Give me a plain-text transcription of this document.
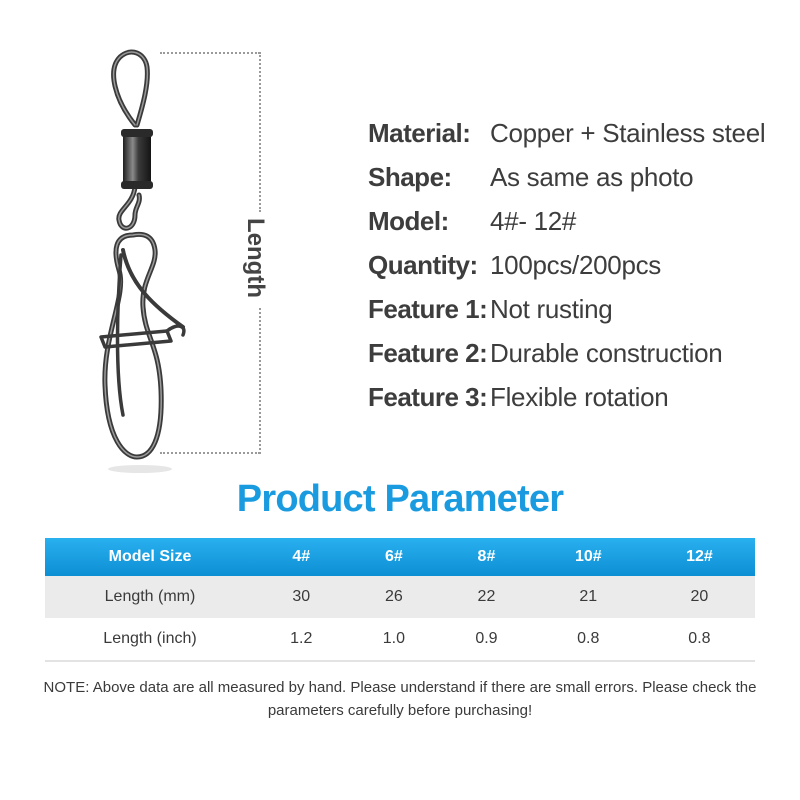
Length
Material: Copper + Stainless steel
Shape:	As same as photo
Model:	4#- 12#
Quantity: 100pcs/200pcs
Feature 1: Not rusting
Feature 2: Durable construction
Feature 3: Flexible rotation
Product Parameter
Model Size	4#	6#	8#	10#	12#
Length (mm)	30	26	22	21	20
Length (inch)	1.2	1.0	0.9	0.8	0.8
NOTE: Above data are all measured by hand. Please understand if there are small errors. Please check the parameters carefully before purchasing!
